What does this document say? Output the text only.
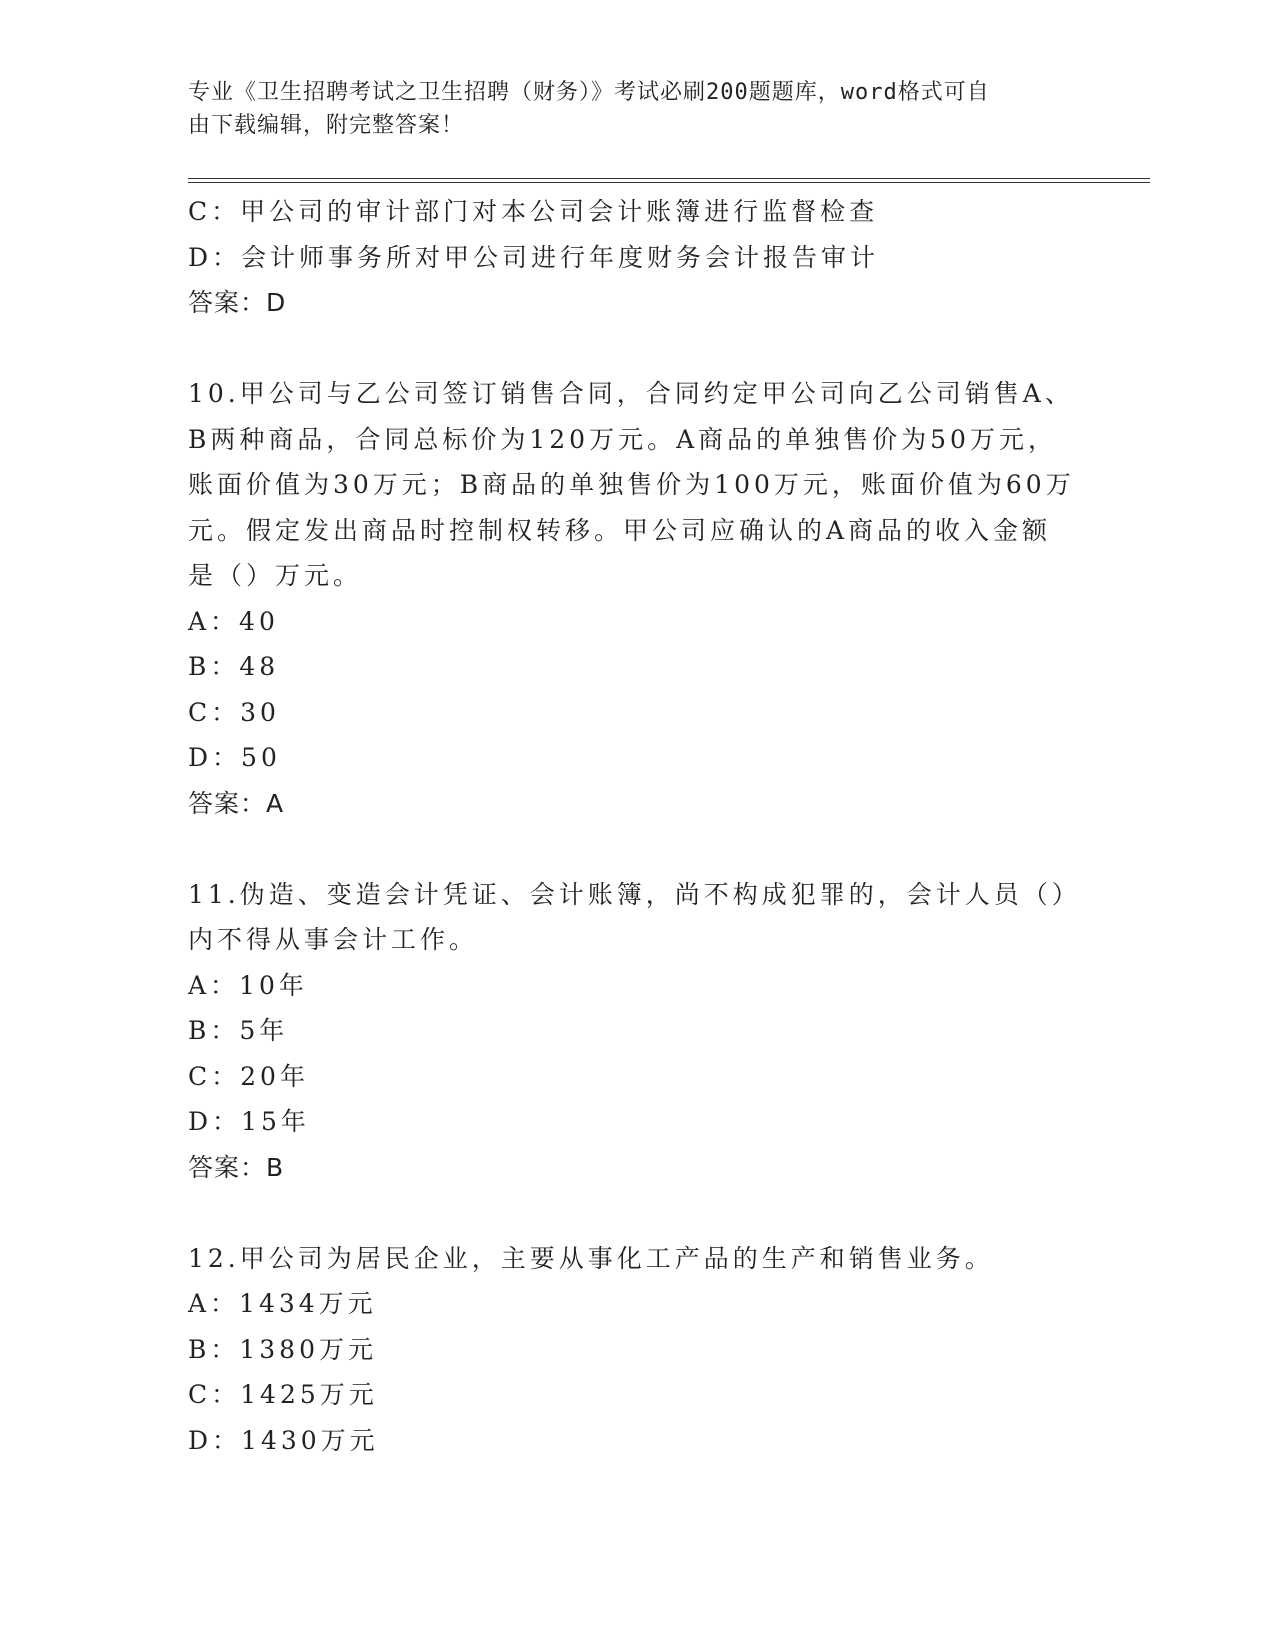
专业《卫生招聘考试之卫生招聘（财务）》考试必刷200题题库，word格式可自
由下载编辑，附完整答案！
C：甲公司的审计部门对本公司会计账簿进行监督检查
D：会计师事务所对甲公司进行年度财务会计报告审计
答案：D
10.甲公司与乙公司签订销售合同，合同约定甲公司向乙公司销售A、
B两种商品，合同总标价为120万元。A商品的单独售价为50万元，
账面价值为30万元；B商品的单独售价为100万元，账面价值为60万
元。假定发出商品时控制权转移。甲公司应确认的A商品的收入金额
是（）万元。
A：40
B：48
C：30
D：50
答案：A
11.伪造、变造会计凭证、会计账簿，尚不构成犯罪的，会计人员（）
内不得从事会计工作。
A：10年
B：5年
C：20年
D：15年
答案：B
12.甲公司为居民企业，主要从事化工产品的生产和销售业务。
A：1434万元
B：1380万元
C：1425万元
D：1430万元
